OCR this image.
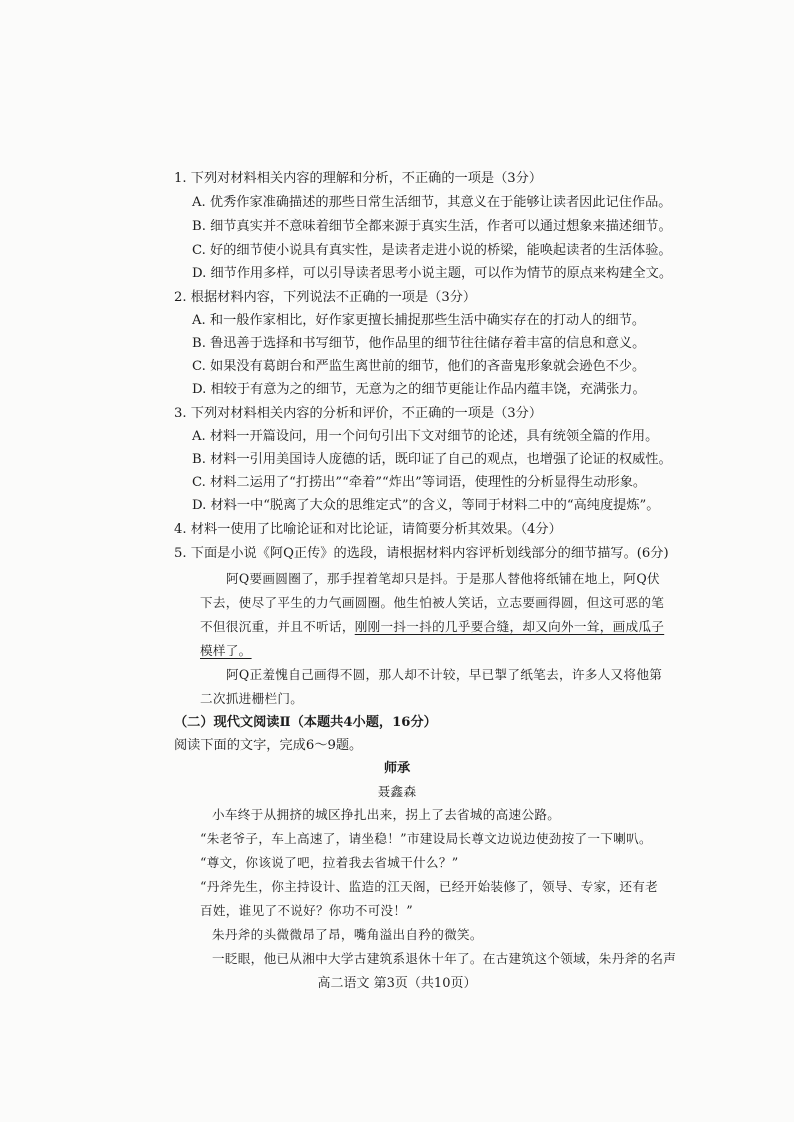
1. 下列对材料相关内容的理解和分析，不正确的一项是（3分）
A. 优秀作家准确描述的那些日常生活细节，其意义在于能够让读者因此记住作品。
B. 细节真实并不意味着细节全都来源于真实生活，作者可以通过想象来描述细节。
C. 好的细节使小说具有真实性，是读者走进小说的桥梁，能唤起读者的生活体验。
D. 细节作用多样，可以引导读者思考小说主题，可以作为情节的原点来构建全文。
2. 根据材料内容，下列说法不正确的一项是（3分）
A. 和一般作家相比，好作家更擅长捕捉那些生活中确实存在的打动人的细节。
B. 鲁迅善于选择和书写细节，他作品里的细节往往储存着丰富的信息和意义。
C. 如果没有葛朗台和严监生离世前的细节，他们的吝啬鬼形象就会逊色不少。
D. 相较于有意为之的细节，无意为之的细节更能让作品内蕴丰饶，充满张力。
3. 下列对材料相关内容的分析和评价，不正确的一项是（3分）
A. 材料一开篇设问，用一个问句引出下文对细节的论述，具有统领全篇的作用。
B. 材料一引用美国诗人庞德的话，既印证了自己的观点，也增强了论证的权威性。
C. 材料二运用了“打捞出”“牵着”“炸出”等词语，使理性的分析显得生动形象。
D. 材料一中“脱离了大众的思维定式”的含义，等同于材料二中的“高纯度提炼”。
4. 材料一使用了比喻论证和对比论证，请简要分析其效果。（4分）
5. 下面是小说《阿Q正传》的选段，请根据材料内容评析划线部分的细节描写。(6分)
阿Q要画圆圈了，那手捏着笔却只是抖。于是那人替他将纸铺在地上，阿Q伏
下去，使尽了平生的力气画圆圈。他生怕被人笑话，立志要画得圆，但这可恶的笔
不但很沉重，并且不听话，刚刚一抖一抖的几乎要合缝，却又向外一耸，画成瓜子
模样了。
阿Q正羞愧自己画得不圆，那人却不计较，早已掣了纸笔去，许多人又将他第
二次抓进栅栏门。
（二）现代文阅读Ⅱ（本题共4小题，16分）
阅读下面的文字，完成6～9题。
师承
聂鑫森
小车终于从拥挤的城区挣扎出来，拐上了去省城的高速公路。
“朱老爷子，车上高速了，请坐稳！”市建设局长尊文边说边使劲按了一下喇叭。
“尊文，你该说了吧，拉着我去省城干什么？”
“丹斧先生，你主持设计、监造的江天阁，已经开始装修了，领导、专家，还有老
百姓，谁见了不说好？你功不可没！”
朱丹斧的头微微昂了昂，嘴角溢出自矜的微笑。
一眨眼，他已从湘中大学古建筑系退休十年了。在古建筑这个领域，朱丹斧的名声
高二语文 第3页（共10页）
